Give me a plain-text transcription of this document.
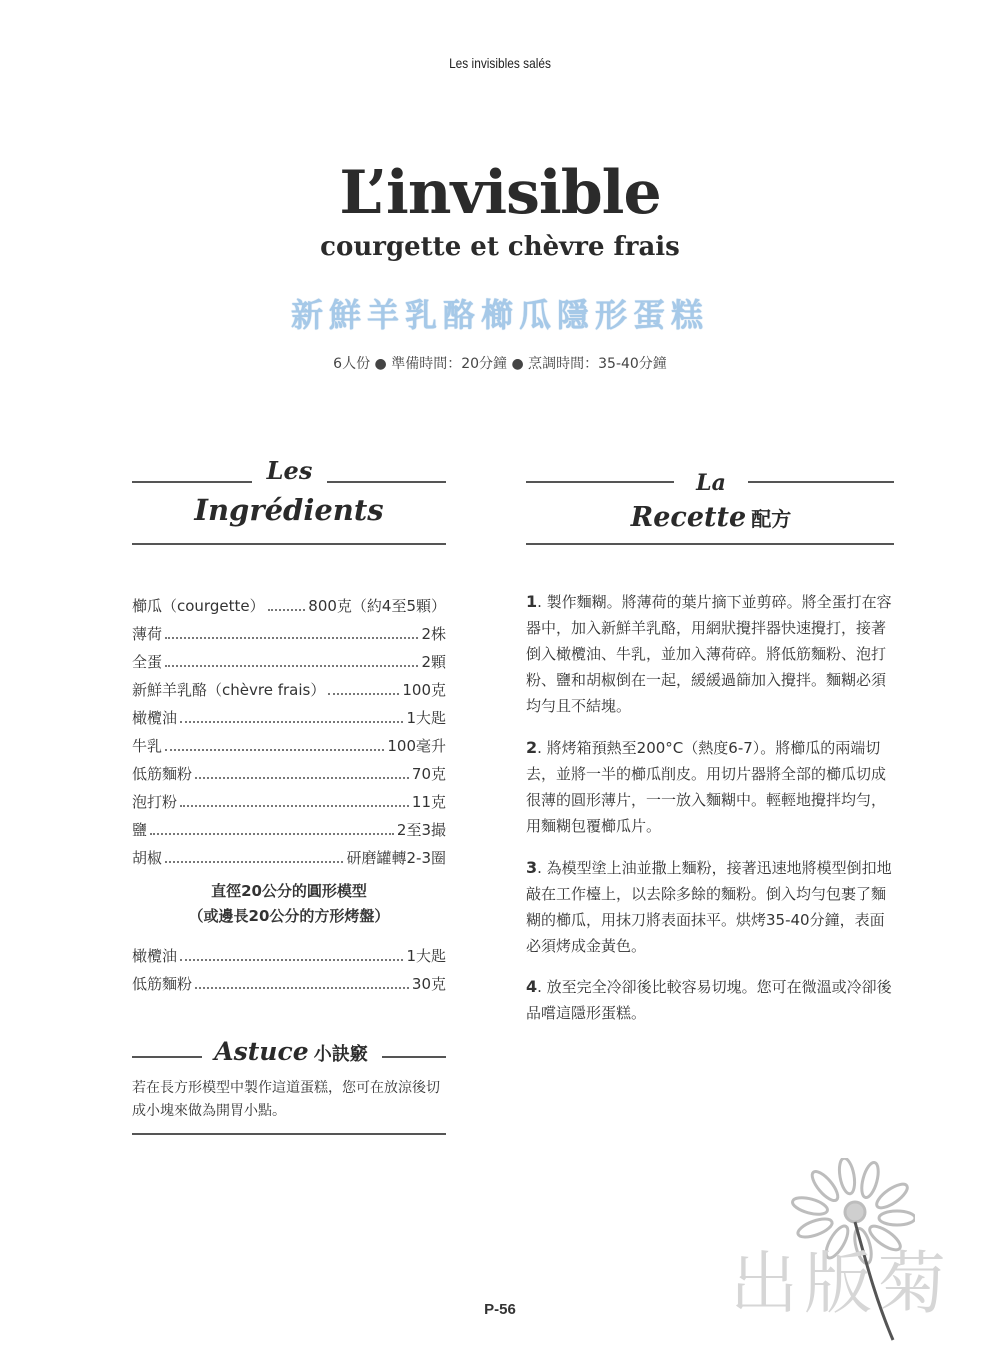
Les invisibles salés
L’invisible
courgette et chèvre frais
新鮮羊乳酪櫛瓜隱形蛋糕
6人份 ● 準備時間：20分鐘 ● 烹調時間：35-40分鐘
Les
Ingrédients
La
Recette 配方
櫛瓜（courgette）	800克（約4至5顆）
薄荷	2株
全蛋	2顆
新鮮羊乳酪（chèvre frais）	100克
橄欖油	1大匙
牛乳	100毫升
低筋麵粉	70克
泡打粉	11克
鹽	2至3撮
胡椒	研磨罐轉2-3圈
直徑20公分的圓形模型
（或邊長20公分的方形烤盤）
橄欖油	1大匙
低筋麵粉	30克
Astuce 小訣竅
若在長方形模型中製作這道蛋糕，您可在放涼後切成小塊來做為開胃小點。
1. 製作麵糊。將薄荷的葉片摘下並剪碎。將全蛋打在容器中，加入新鮮羊乳酪，用網狀攪拌器快速攪打，接著倒入橄欖油、牛乳，並加入薄荷碎。將低筋麵粉、泡打粉、鹽和胡椒倒在一起，緩緩過篩加入攪拌。麵糊必須均勻且不結塊。
2. 將烤箱預熱至200°C（熱度6-7）。將櫛瓜的兩端切去，並將一半的櫛瓜削皮。用切片器將全部的櫛瓜切成很薄的圓形薄片，一一放入麵糊中。輕輕地攪拌均勻，用麵糊包覆櫛瓜片。
3. 為模型塗上油並撒上麵粉，接著迅速地將模型倒扣地敲在工作檯上，以去除多餘的麵粉。倒入均勻包裹了麵糊的櫛瓜，用抹刀將表面抹平。烘烤35-40分鐘，表面必須烤成金黃色。
4. 放至完全冷卻後比較容易切塊。您可在微溫或冷卻後品嚐這隱形蛋糕。
出版菊
P-56
